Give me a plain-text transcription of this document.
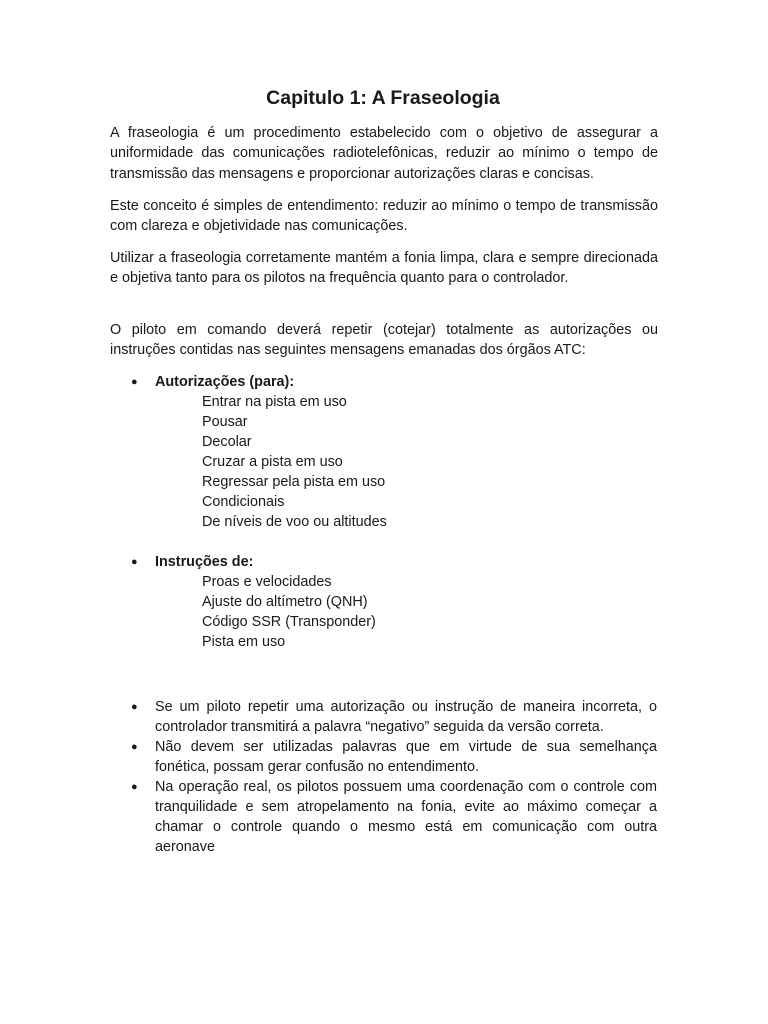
Capitulo 1: A Fraseologia

A fraseologia é um procedimento estabelecido com o objetivo de assegurar a uniformidade das comunicações radiotelefônicas, reduzir ao mínimo o tempo de transmissão das mensagens e proporcionar autorizações claras e concisas.

Este conceito é simples de entendimento: reduzir ao mínimo o tempo de transmissão com clareza e objetividade nas comunicações.

Utilizar a fraseologia corretamente mantém a fonia limpa, clara e sempre direcionada e objetiva tanto para os pilotos na frequência quanto para o controlador.

O piloto em comando deverá repetir (cotejar) totalmente as autorizações ou instruções contidas nas seguintes mensagens emanadas dos órgãos ATC:

● Autorizações (para):

Entrar na pista em uso
Pousar
Decolar
Cruzar a pista em uso
Regressar pela pista em uso
Condicionais
De níveis de voo ou altitudes
● Instruções de:

Proas e velocidades
Ajuste do altímetro (QNH)
Código SSR (Transponder)
Pista em uso
● Se um piloto repetir uma autorização ou instrução de maneira incorreta, o controlador transmitirá a palavra “negativo” seguida da versão correta.

● Não devem ser utilizadas palavras que em virtude de sua semelhança fonética, possam gerar confusão no entendimento.

● Na operação real, os pilotos possuem uma coordenação com o controle com tranquilidade e sem atropelamento na fonia, evite ao máximo começar a chamar o controle quando o mesmo está em comunicação com outra aeronave
